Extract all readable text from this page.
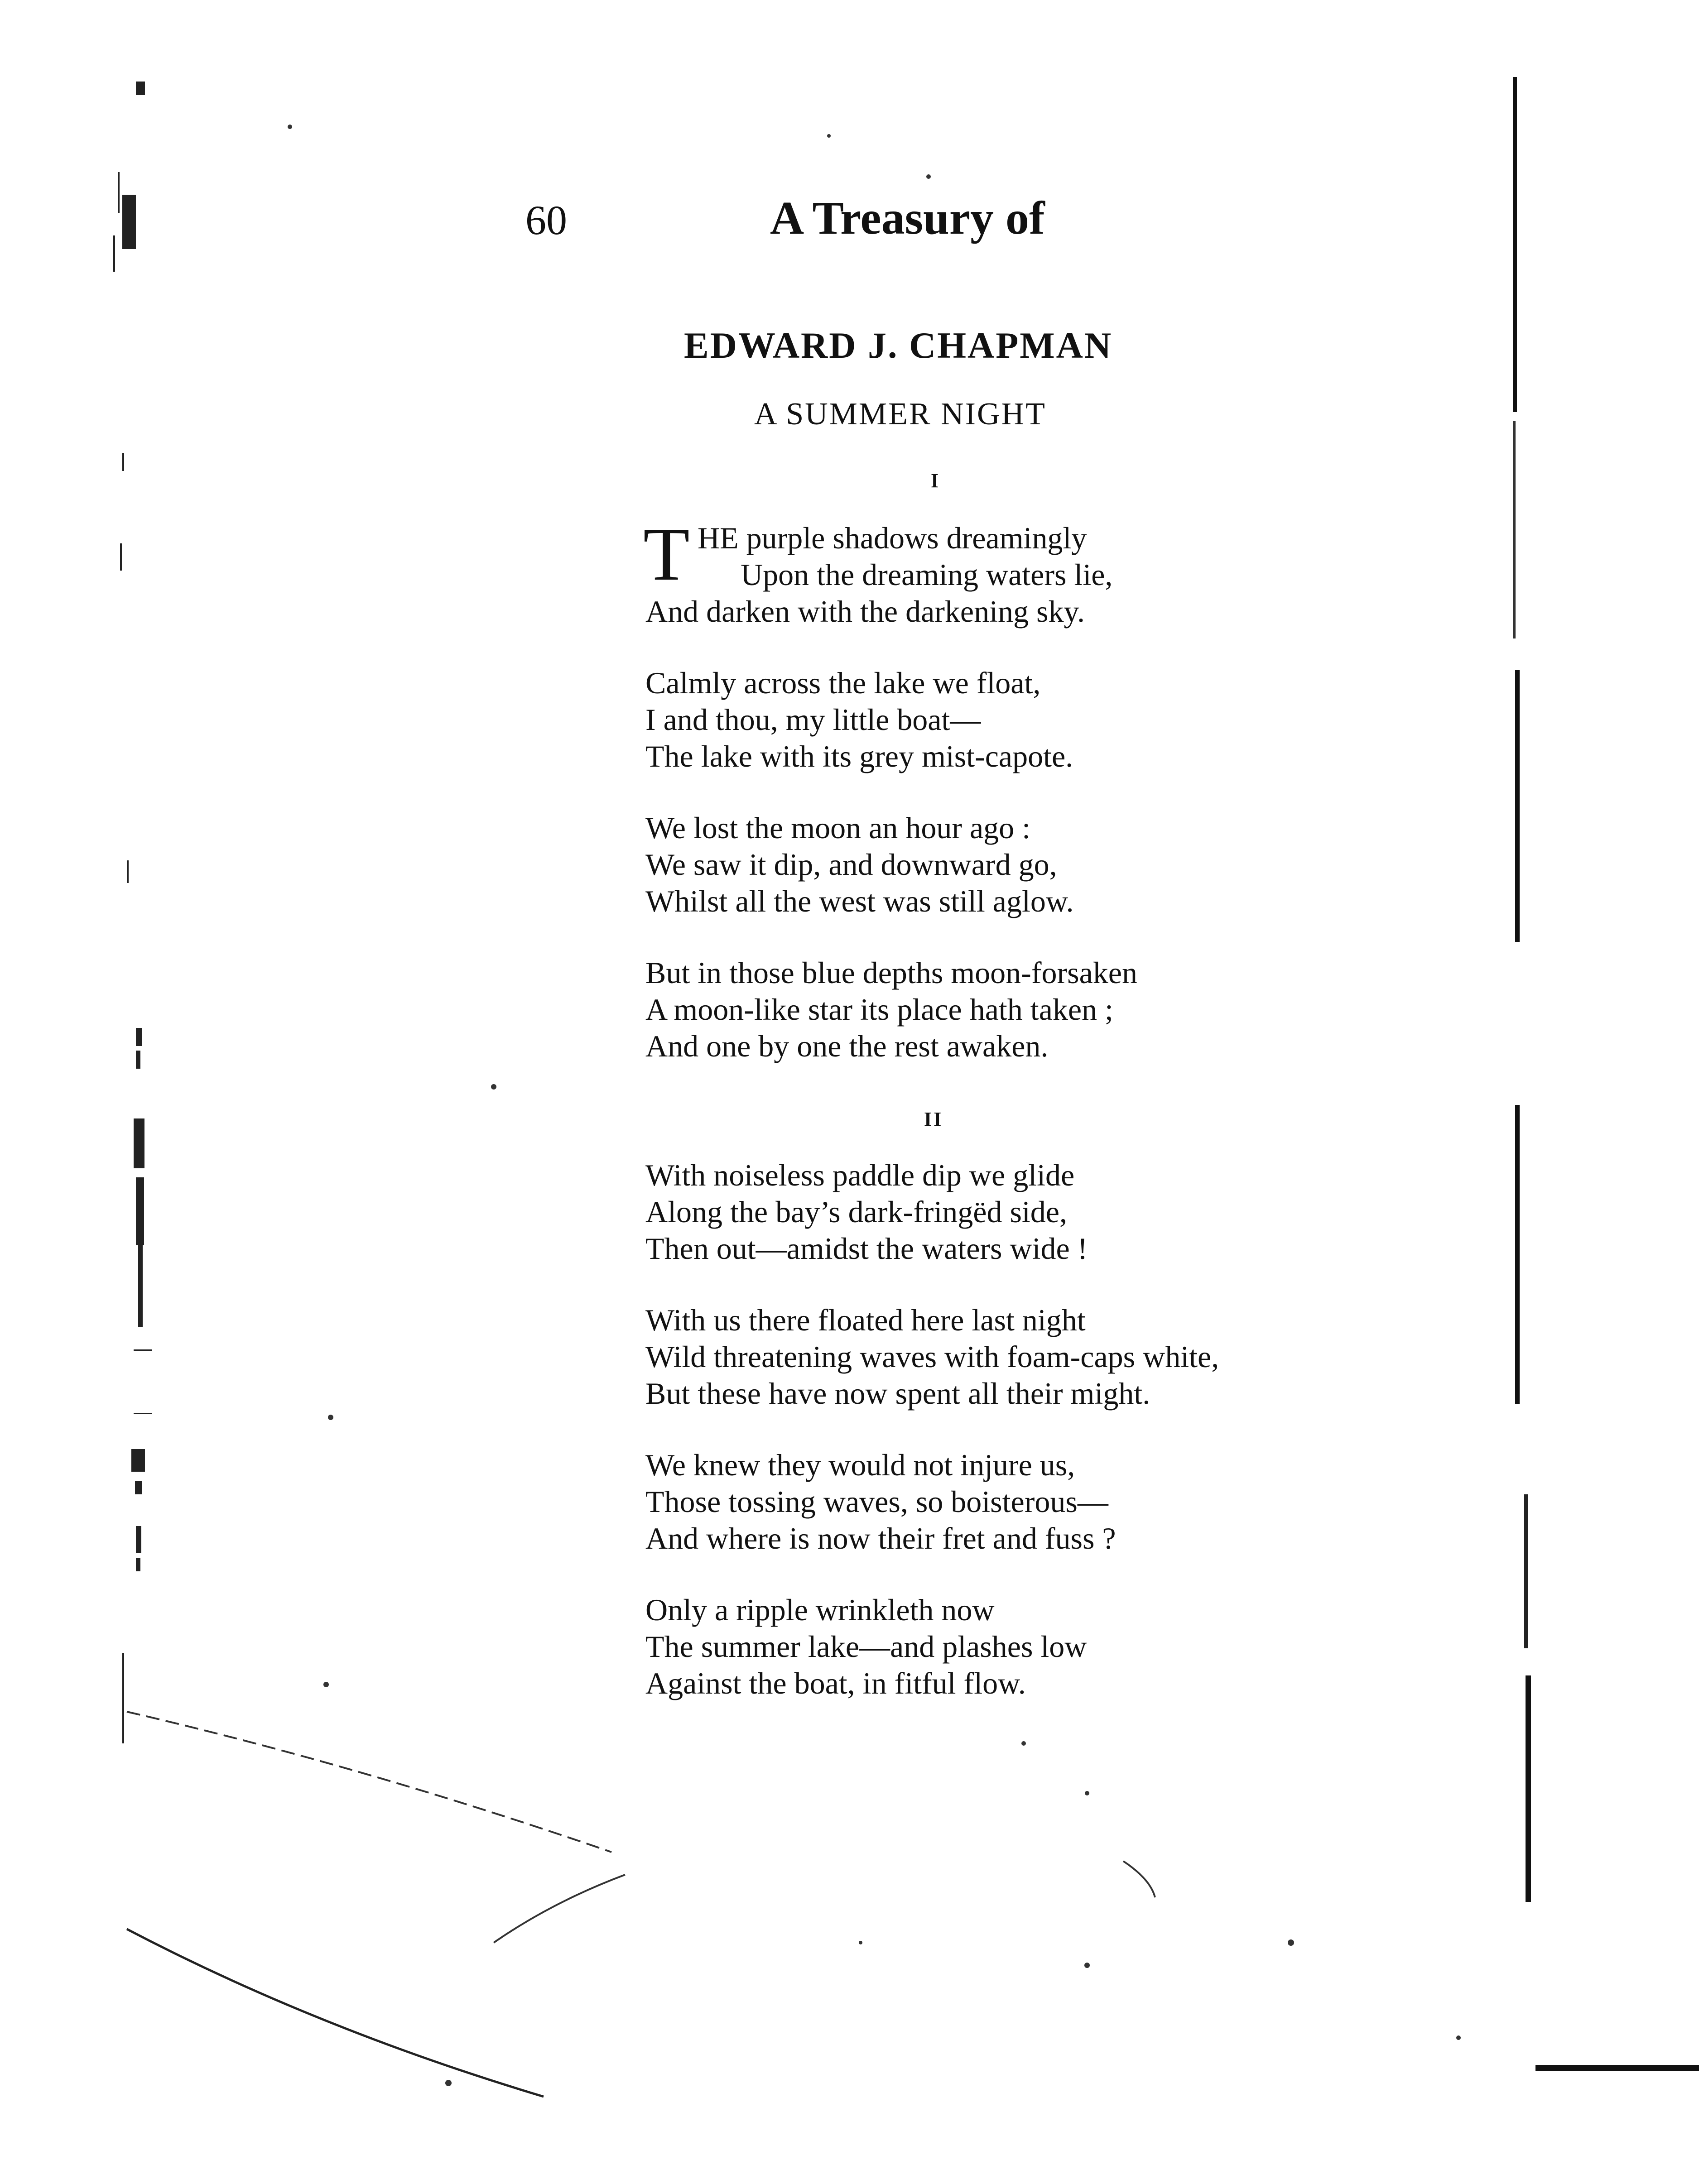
60	A Treasury of
EDWARD J. CHAPMAN
A SUMMER NIGHT
I
T HE purple shadows dreamingly
Upon the dreaming waters lie,
And darken with the darkening sky.
Calmly across the lake we float,
I and thou, my little boat—
The lake with its grey mist-capote.
We lost the moon an hour ago :
We saw it dip, and downward go,
Whilst all the west was still aglow.
But in those blue depths moon-forsaken
A moon-like star its place hath taken ;
And one by one the rest awaken.
II
With noiseless paddle dip we glide
Along the bay’s dark-fringëd side,
Then out—amidst the waters wide !
With us there floated here last night
Wild threatening waves with foam-caps white,
But these have now spent all their might.
We knew they would not injure us,
Those tossing waves, so boisterous—
And where is now their fret and fuss ?
Only a ripple wrinkleth now
The summer lake—and plashes low
Against the boat, in fitful flow.
